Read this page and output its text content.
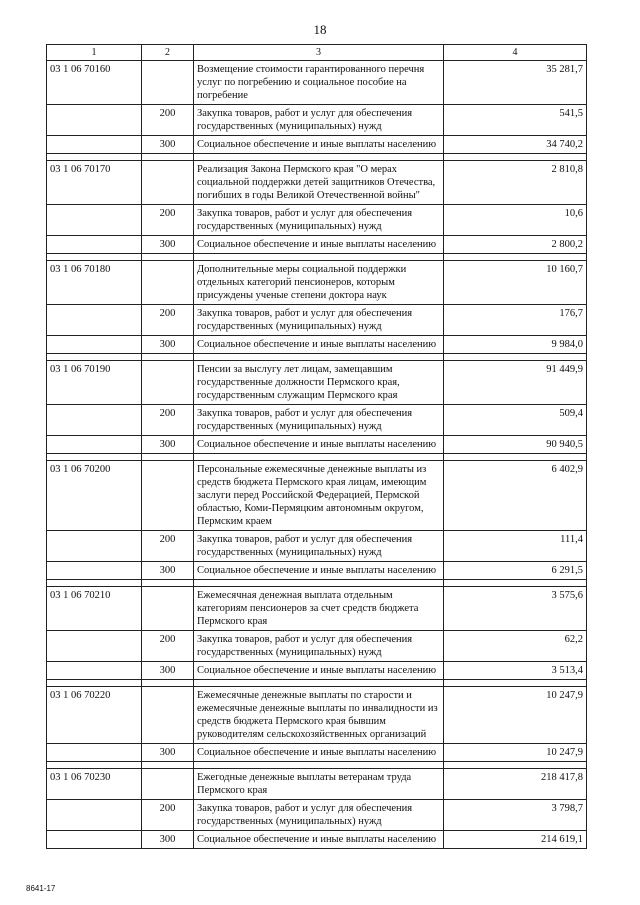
18
1	2	3	4
03 1 06 70160		Возмещение стоимости гарантированного перечня услуг по погребению и социальное пособие на погребение	35 281,7
	200	Закупка товаров, работ и услуг для обеспечения государственных (муниципальных) нужд	541,5
	300	Социальное обеспечение и иные выплаты населению	34 740,2

03 1 06 70170		Реализация Закона Пермского края "О мерах социальной поддержки детей защитников Отечества, погибших в годы Великой Отечественной войны"	2 810,8
	200	Закупка товаров, работ и услуг для обеспечения государственных (муниципальных) нужд	10,6
	300	Социальное обеспечение и иные выплаты населению	2 800,2

03 1 06 70180		Дополнительные меры социальной поддержки отдельных категорий пенсионеров, которым присуждены ученые степени доктора наук	10 160,7
	200	Закупка товаров, работ и услуг для обеспечения государственных (муниципальных) нужд	176,7
	300	Социальное обеспечение и иные выплаты населению	9 984,0

03 1 06 70190		Пенсии за выслугу лет лицам, замещавшим государственные должности Пермского края, государственным служащим Пермского края	91 449,9
	200	Закупка товаров, работ и услуг для обеспечения государственных (муниципальных) нужд	509,4
	300	Социальное обеспечение и иные выплаты населению	90 940,5

03 1 06 70200		Персональные ежемесячные денежные выплаты из средств бюджета Пермского края лицам, имеющим заслуги перед Российской Федерацией, Пермской областью, Коми-Пермяцким автономным округом, Пермским краем	6 402,9
	200	Закупка товаров, работ и услуг для обеспечения государственных (муниципальных) нужд	111,4
	300	Социальное обеспечение и иные выплаты населению	6 291,5

03 1 06 70210		Ежемесячная денежная выплата отдельным категориям пенсионеров за счет средств бюджета Пермского края	3 575,6
	200	Закупка товаров, работ и услуг для обеспечения государственных (муниципальных) нужд	62,2
	300	Социальное обеспечение и иные выплаты населению	3 513,4

03 1 06 70220		Ежемесячные денежные выплаты по старости и ежемесячные денежные выплаты по инвалидности из средств бюджета Пермского края бывшим руководителям сельскохозяйственных организаций	10 247,9
	300	Социальное обеспечение и иные выплаты населению	10 247,9

03 1 06 70230		Ежегодные денежные выплаты ветеранам труда Пермского края	218 417,8
	200	Закупка товаров, работ и услуг для обеспечения государственных (муниципальных) нужд	3 798,7
	300	Социальное обеспечение и иные выплаты населению	214 619,1
8641-17
